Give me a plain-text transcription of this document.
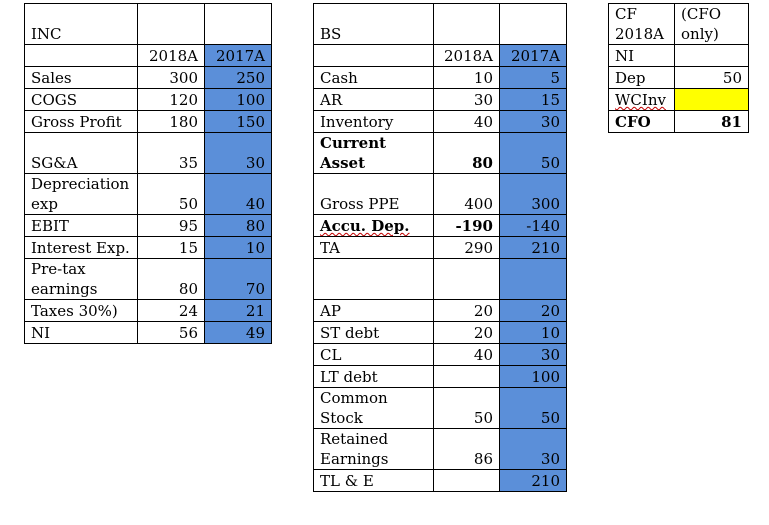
INC		
	2018A	2017A
Sales	300	250
COGS	120	100
Gross Profit	180	150
SG&A	35	30
Depreciation exp	50	40
EBIT	95	80
Interest Exp.	15	10
Pre-tax earnings	80	70
Taxes 30%)	24	21
NI	56	49
BS		
	2018A	2017A
Cash	10	5
AR	30	15
Inventory	40	30
Current Asset	80	50
Gross PPE	400	300
Accu. Dep.	-190	-140
TA	290	210

AP	20	20
ST debt	20	10
CL	40	30
LT debt		100
Common Stock	50	50
Retained Earnings	86	30
TL & E		210
CF 2018A	(CFO only)
NI	
Dep	50
WCInv	
CFO	81
